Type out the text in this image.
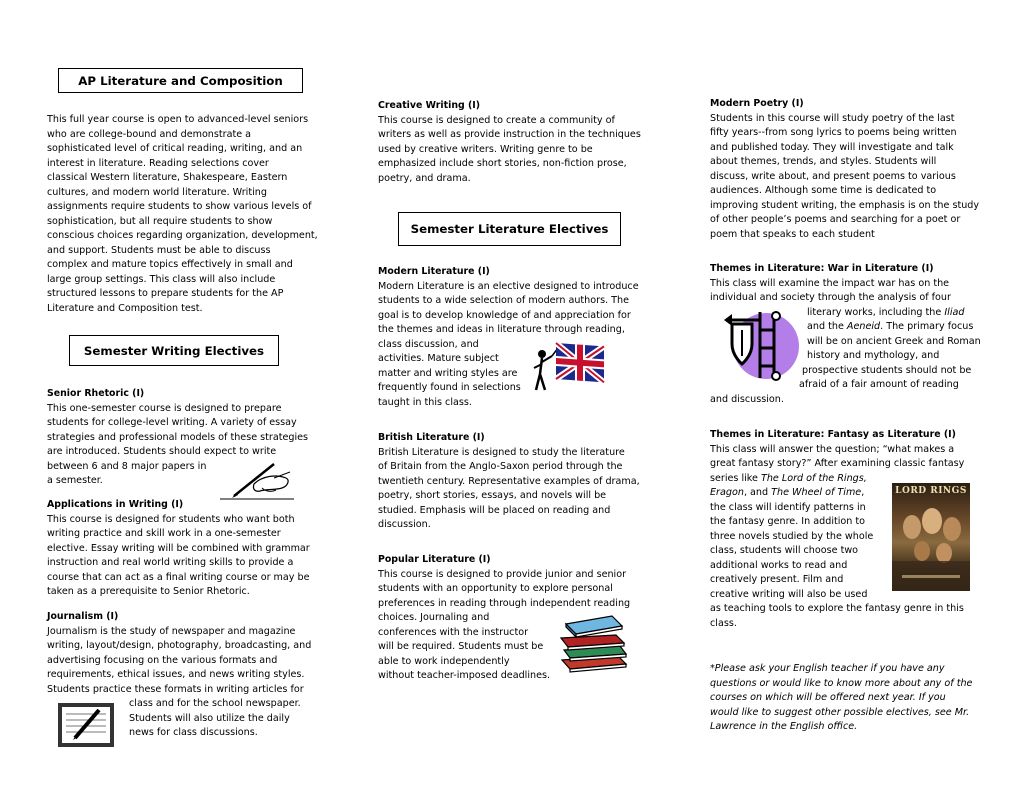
AP Literature and Composition
This full year course is open to advanced-level seniors
who are college-bound and demonstrate a
sophisticated level of critical reading, writing, and an
interest in literature. Reading selections cover
classical Western literature, Shakespeare, Eastern
cultures, and modern world literature. Writing
assignments require students to show various levels of
sophistication, but all require students to show
conscious choices regarding organization, development,
and support. Students must be able to discuss
complex and mature topics effectively in small and
large group settings. This class will also include
structured lessons to prepare students for the AP
Literature and Composition test.
Semester Writing Electives
Senior Rhetoric (I)
This one-semester course is designed to prepare
students for college-level writing. A variety of essay
strategies and professional models of these strategies
are introduced. Students should expect to write
between 6 and 8 major papers in
a semester.
Applications in Writing (I)
This course is designed for students who want both
writing practice and skill work in a one-semester
elective. Essay writing will be combined with grammar
instruction and real world writing skills to provide a
course that can act as a final writing course or may be
taken as a prerequisite to Senior Rhetoric.
Journalism (I)
Journalism is the study of newspaper and magazine
writing, layout/design, photography, broadcasting, and
advertising focusing on the various formats and
requirements, ethical issues, and news writing styles.
Students practice these formats in writing articles for
class and for the school newspaper.
Students will also utilize the daily
news for class discussions.
Creative Writing (I)
This course is designed to create a community of
writers as well as provide instruction in the techniques
used by creative writers. Writing genre to be
emphasized include short stories, non-fiction prose,
poetry, and drama.
Semester Literature Electives
Modern Literature (I)
Modern Literature is an elective designed to introduce
students to a wide selection of modern authors. The
goal is to develop knowledge of and appreciation for
the themes and ideas in literature through reading,
class discussion, and
activities. Mature subject
matter and writing styles are
frequently found in selections
taught in this class.
British Literature (I)
British Literature is designed to study the literature
of Britain from the Anglo-Saxon period through the
twentieth century. Representative examples of drama,
poetry, short stories, essays, and novels will be
studied. Emphasis will be placed on reading and
discussion.
Popular Literature (I)
This course is designed to provide junior and senior
students with an opportunity to explore personal
preferences in reading through independent reading
choices. Journaling and
conferences with the instructor
will be required. Students must be
able to work independently
without teacher-imposed deadlines.
Modern Poetry (I)
Students in this course will study poetry of the last
fifty years--from song lyrics to poems being written
and published today. They will investigate and talk
about themes, trends, and styles. Students will
discuss, write about, and present poems to various
audiences. Although some time is dedicated to
improving student writing, the emphasis is on the study
of other people’s poems and searching for a poet or
poem that speaks to each student
Themes in Literature: War in Literature (I)
This class will examine the impact war has on the
individual and society through the analysis of four
literary works, including the Iliad
and the Aeneid. The primary focus
will be on ancient Greek and Roman
history and mythology, and
prospective students should not be
afraid of a fair amount of reading
and discussion.
Themes in Literature: Fantasy as Literature (I)
This class will answer the question; “what makes a
great fantasy story?” After examining classic fantasy
series like The Lord of the Rings,
Eragon, and The Wheel of Time,
the class will identify patterns in
the fantasy genre. In addition to
three novels studied by the whole
class, students will choose two
additional works to read and
creatively present. Film and
creative writing will also be used
as teaching tools to explore the fantasy genre in this
class.
LORD RINGS
*Please ask your English teacher if you have any
questions or would like to know more about any of the
courses on which will be offered next year. If you
would like to suggest other possible electives, see Mr.
Lawrence in the English office.
